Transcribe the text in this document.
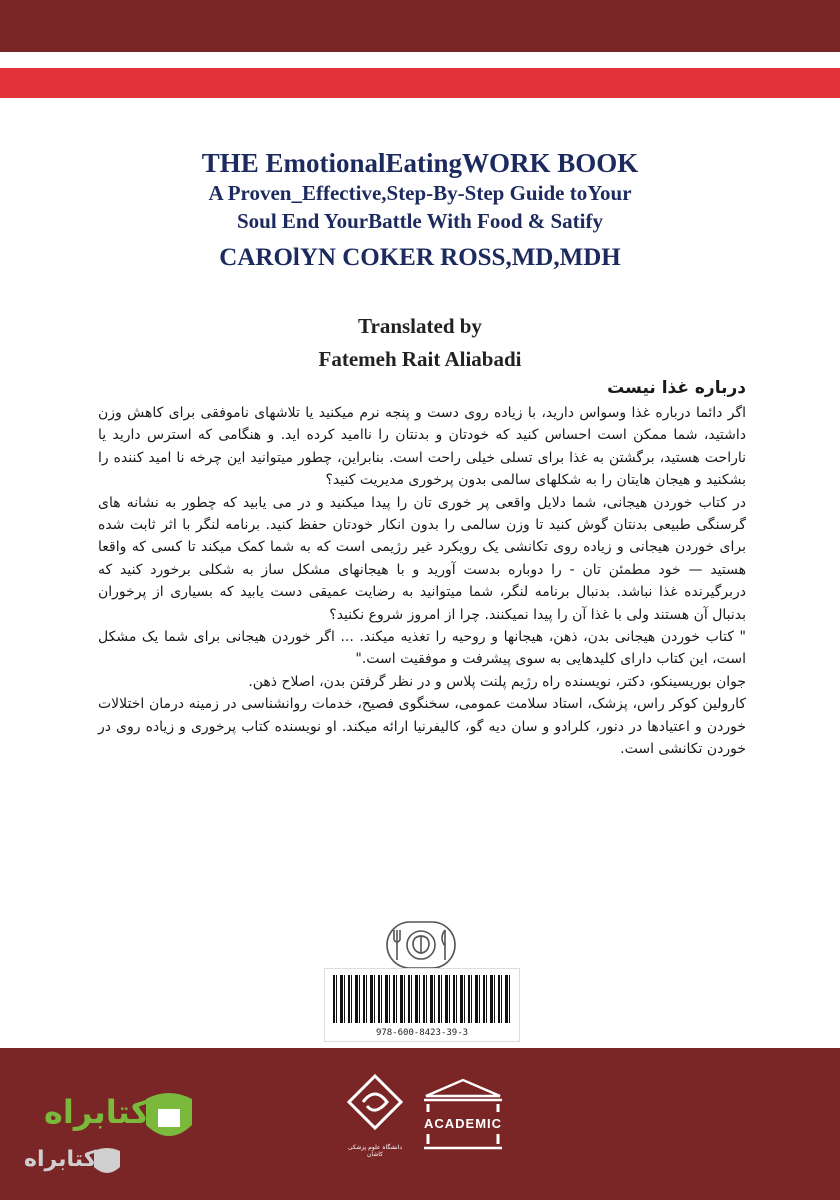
THE EmotionalEatingWORK BOOK
A Proven_Effective,Step-By-Step Guide toYour
Soul End YourBattle With Food & Satify
CAROlYN COKER ROSS,MD,MDH
Translated by
Fatemeh Rait Aliabadi
درباره غذا نیست

اگر دائما درباره غذا وسواس دارید، با زیاده روی دست و پنجه نرم میکنید یا تلاشهای ناموفقی برای کاهش وزن داشتید، شما ممکن است احساس کنید که خودتان و بدنتان را ناامید کرده اید. و هنگامی که استرس دارید یا ناراحت هستید، برگشتن به غذا برای تسلی خیلی راحت است. بنابراین، چطور میتوانید این چرخه نا امید کننده را بشکنید و هیجان هایتان را به شکلهای سالمی بدون پرخوری مدیریت کنید؟

در کتاب خوردن هیجانی، شما دلایل واقعی پر خوری تان را پیدا میکنید و در می یابید که چطور به نشانه های گرسنگی طبیعی بدنتان گوش کنید تا وزن سالمی را بدون انکار خودتان حفظ کنید. برنامه لنگر با اثر ثابت شده برای خوردن هیجانی و زیاده روی تکانشی یک رویکرد غیر رژیمی است که به شما کمک میکند تا کسی که واقعا هستید — خود مطمئن تان - را دوباره بدست آورید و با هیجانهای مشکل ساز به شکلی برخورد کنید که دربرگیرنده غذا نباشد. بدنبال برنامه لنگر، شما میتوانید به رضایت عمیقی دست یابید که بسیاری از پرخوران بدنبال آن هستند ولی با غذا آن را پیدا نمیکنند. چرا از امروز شروع نکنید؟

" کتاب خوردن هیجانی بدن، ذهن، هیجانها و روحیه را تغذیه میکند. ... اگر خوردن هیجانی برای شما یک مشکل است، این کتاب دارای کلیدهایی به سوی پیشرفت و موفقیت است."

جوان بوریسینکو، دکتر، نویسنده راه رژیم پلنت پلاس و در نظر گرفتن بدن، اصلاح ذهن.

کارولین کوکر راس، پزشک، استاد سلامت عمومی، سخنگوی فصیح، خدمات روانشناسی در زمینه درمان اختلالات خوردن و اعتیادها در دنور، کلرادو و سان دیه گو، کالیفرنیا ارائه میکند. او نویسنده کتاب پرخوری و زیاده روی در خوردن تکانشی است.

978-600-8423-39-3
دانشگاه علوم پزشکی کاشان
ACADEMIC
کتابراه
کتابراه
